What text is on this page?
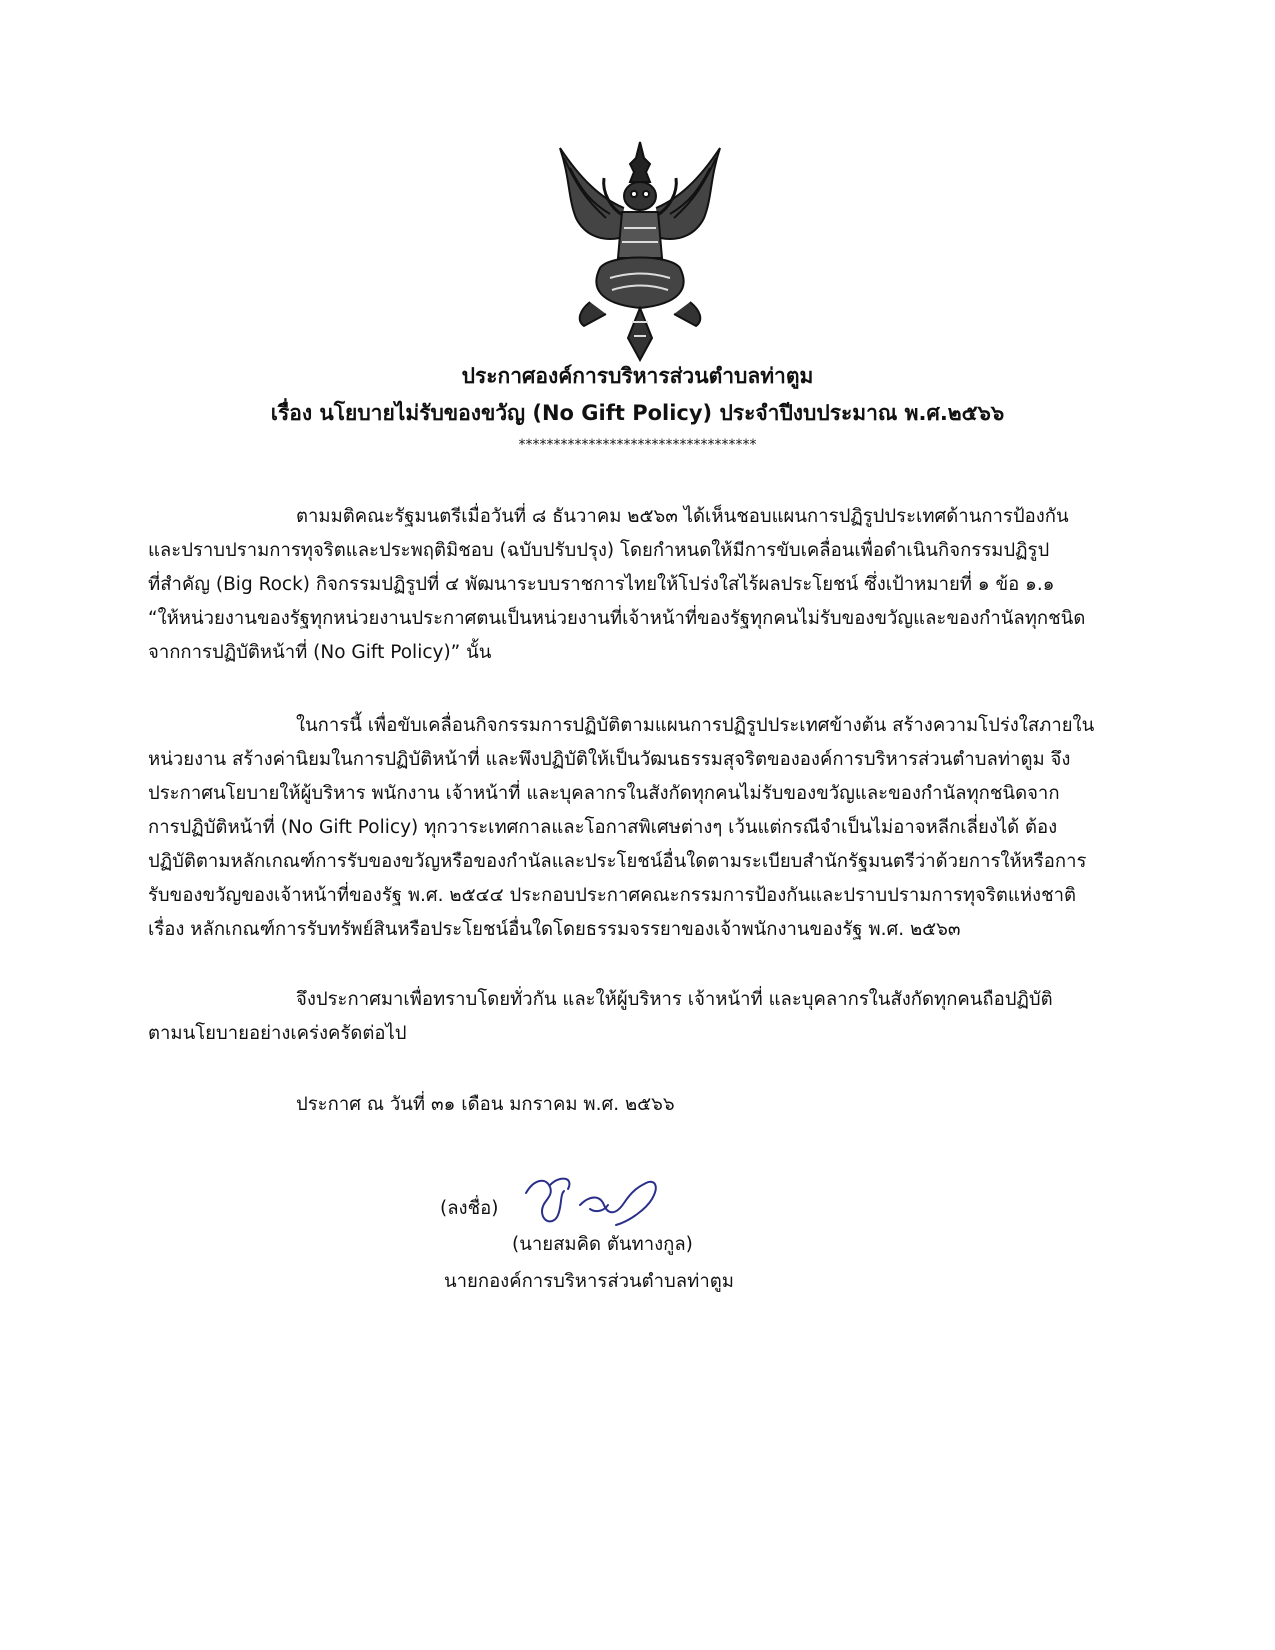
ประกาศองค์การบริหารส่วนตำบลท่าตูม
เรื่อง นโยบายไม่รับของขวัญ (No Gift Policy) ประจำปีงบประมาณ พ.ศ.๒๕๖๖
**********************************
ตามมติคณะรัฐมนตรีเมื่อวันที่ ๘ ธันวาคม ๒๕๖๓ ได้เห็นชอบแผนการปฏิรูปประเทศด้านการป้องกัน
และปราบปรามการทุจริตและประพฤติมิชอบ (ฉบับปรับปรุง) โดยกำหนดให้มีการขับเคลื่อนเพื่อดำเนินกิจกรรมปฏิรูป
ที่สำคัญ (Big Rock) กิจกรรมปฏิรูปที่ ๔ พัฒนาระบบราชการไทยให้โปร่งใสไร้ผลประโยชน์ ซึ่งเป้าหมายที่ ๑ ข้อ ๑.๑
“ให้หน่วยงานของรัฐทุกหน่วยงานประกาศตนเป็นหน่วยงานที่เจ้าหน้าที่ของรัฐทุกคนไม่รับของขวัญและของกำนัลทุกชนิด
จากการปฏิบัติหน้าที่ (No Gift Policy)” นั้น
ในการนี้ เพื่อขับเคลื่อนกิจกรรมการปฏิบัติตามแผนการปฏิรูปประเทศข้างต้น สร้างความโปร่งใสภายใน
หน่วยงาน สร้างค่านิยมในการปฏิบัติหน้าที่ และพึงปฏิบัติให้เป็นวัฒนธรรมสุจริตขององค์การบริหารส่วนตำบลท่าตูม จึง
ประกาศนโยบายให้ผู้บริหาร พนักงาน เจ้าหน้าที่ และบุคลากรในสังกัดทุกคนไม่รับของขวัญและของกำนัลทุกชนิดจาก
การปฏิบัติหน้าที่ (No Gift Policy) ทุกวาระเทศกาลและโอกาสพิเศษต่างๆ เว้นแต่กรณีจำเป็นไม่อาจหลีกเลี่ยงได้ ต้อง
ปฏิบัติตามหลักเกณฑ์การรับของขวัญหรือของกำนัลและประโยชน์อื่นใดตามระเบียบสำนักรัฐมนตรีว่าด้วยการให้หรือการ
รับของขวัญของเจ้าหน้าที่ของรัฐ พ.ศ. ๒๕๔๔ ประกอบประกาศคณะกรรมการป้องกันและปราบปรามการทุจริตแห่งชาติ
เรื่อง หลักเกณฑ์การรับทรัพย์สินหรือประโยชน์อื่นใดโดยธรรมจรรยาของเจ้าพนักงานของรัฐ พ.ศ. ๒๕๖๓
จึงประกาศมาเพื่อทราบโดยทั่วกัน และให้ผู้บริหาร เจ้าหน้าที่ และบุคลากรในสังกัดทุกคนถือปฏิบัติ
ตามนโยบายอย่างเคร่งครัดต่อไป
ประกาศ ณ วันที่ ๓๑ เดือน มกราคม พ.ศ. ๒๕๖๖
(ลงชื่อ)
(นายสมคิด ตันทางกูล)
นายกองค์การบริหารส่วนตำบลท่าตูม
